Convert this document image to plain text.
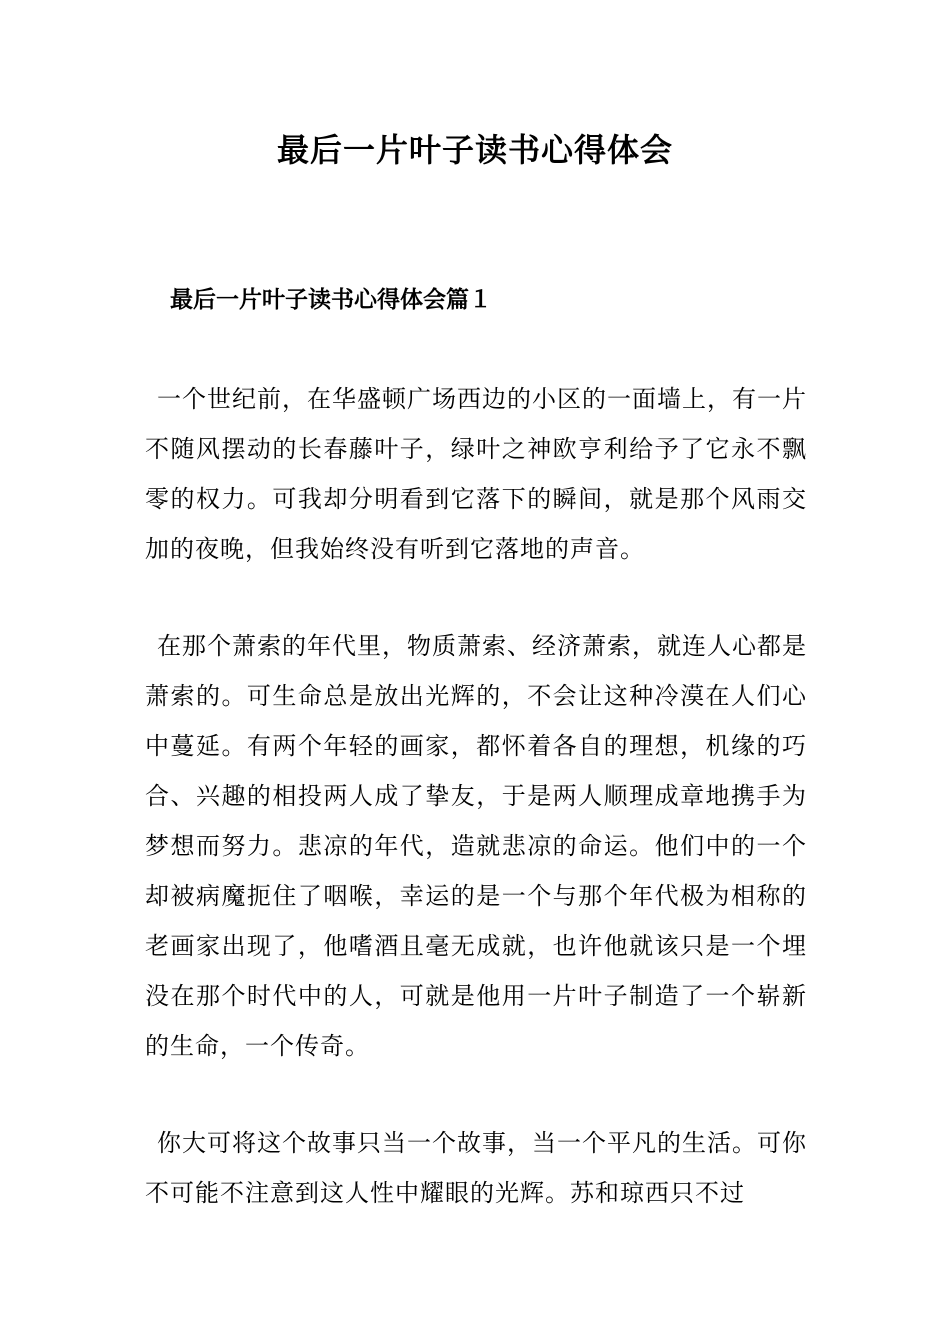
最后一片叶子读书心得体会
最后一片叶子读书心得体会篇１

一个世纪前，在华盛顿广场西边的小区的一面墙上，有一片不随风摆动的长春藤叶子，绿叶之神欧亨利给予了它永不飘零的权力。可我却分明看到它落下的瞬间，就是那个风雨交加的夜晚，但我始终没有听到它落地的声音。

在那个萧索的年代里，物质萧索、经济萧索，就连人心都是萧索的。可生命总是放出光辉的，不会让这种冷漠在人们心中蔓延。有两个年轻的画家，都怀着各自的理想，机缘的巧合、兴趣的相投两人成了挚友，于是两人顺理成章地携手为梦想而努力。悲凉的年代，造就悲凉的命运。他们中的一个却被病魔扼住了咽喉，幸运的是一个与那个年代极为相称的老画家出现了，他嗜酒且毫无成就，也许他就该只是一个埋没在那个时代中的人，可就是他用一片叶子制造了一个崭新的生命，一个传奇。

你大可将这个故事只当一个故事，当一个平凡的生活。可你不可能不注意到这人性中耀眼的光辉。苏和琼西只不过
